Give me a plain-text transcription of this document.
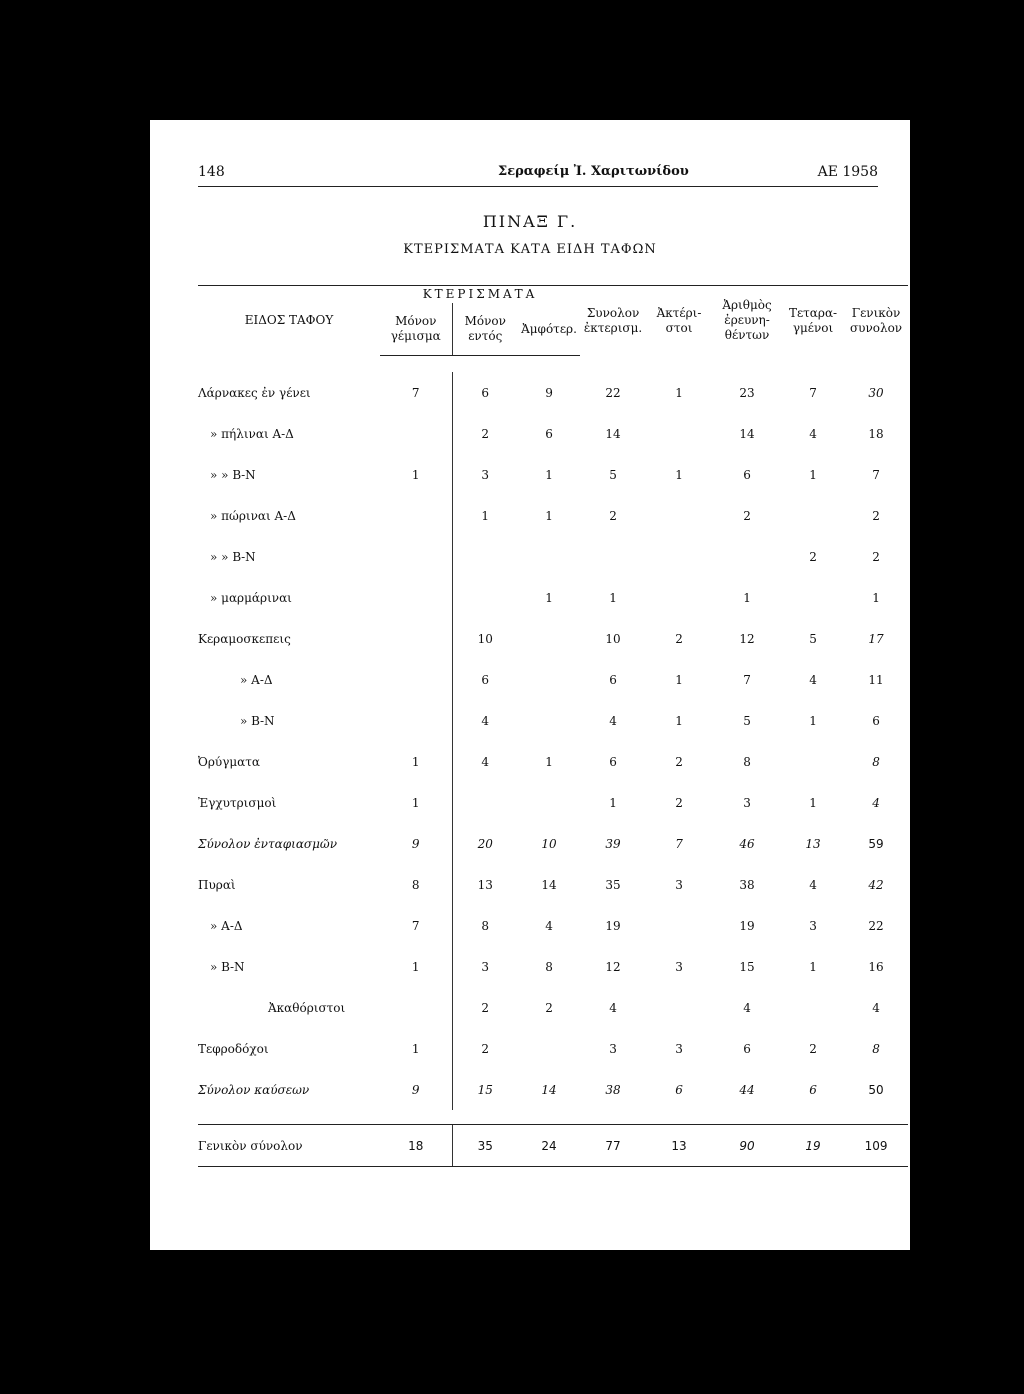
148	Σεραφείμ Ἰ. Χαριτωνίδου	ΑΕ 1958
ΠΙΝΑΞ Γ.
ΚΤΕΡΙΣΜΑΤΑ ΚΑΤΑ ΕΙΔΗ ΤΑΦΩΝ
ΕΙΔΟΣ ΤΑΦΟΥ	ΚΤΕΡΙΣΜΑΤΑ			Συνολον ἐκτερισμ.	Ἀκτέρι-στοι	Ἀριθμὸς ἐρευνη-θέντων	Τεταρα-γμένοι	Γενικὸν συνολον
	Μόνον γέμισμα	Μόνον εντός	Ἀμφότερ.					

Λάρνακες ἐν γένει	7	6	9	22	1	23	7	30
» πήλιναι Α-Δ		2	6	14		14	4	18
» » Β-Ν	1	3	1	5	1	6	1	7
» πώριναι Α-Δ		1	1	2		2		2
» » Β-Ν							2	2
» μαρμάριναι			1	1		1		1
Κεραμοσκεπεις		10		10	2	12	5	17
» Α-Δ		6		6	1	7	4	11
» Β-Ν		4		4	1	5	1	6
Ὀρύγματα	1	4	1	6	2	8		8
Ἐγχυτρισμοὶ	1			1	2	3	1	4
Σύνολον ἐνταφιασμῶν	9	20	10	39	7	46	13	59
Πυραὶ	8	13	14	35	3	38	4	42
» Α-Δ	7	8	4	19		19	3	22
» Β-Ν	1	3	8	12	3	15	1	16
Ἀκαθόριστοι		2	2	4		4		4
Τεφροδόχοι	1	2		3	3	6	2	8
Σύνολον καύσεων	9	15	14	38	6	44	6	50

Γενικὸν σύνολον	18	35	24	77	13	90	19	109
